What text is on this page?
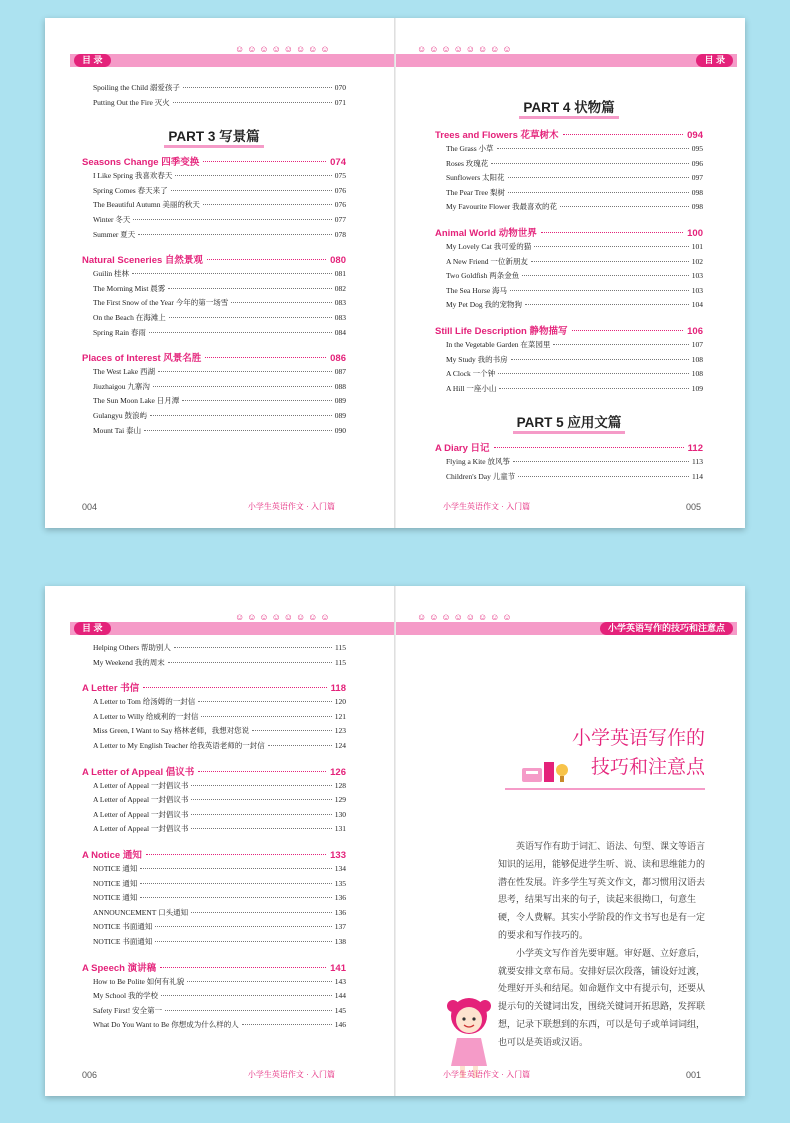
目 录
☺☺☺☺☺☺☺☺
Spoiling the Child 溺爱孩子	070
Putting Out the Fire 灭火	071
PART 3 写景篇
Seasons Change 四季变换	074
I Like Spring 我喜欢春天	075
Spring Comes 春天来了	076
The Beautiful Autumn 美丽的秋天	076
Winter 冬天	077
Summer 夏天	078
Natural Sceneries 自然景观	080
Guilin 桂林	081
The Morning Mist 晨雾	082
The First Snow of the Year 今年的第一场雪	083
On the Beach 在海滩上	083
Spring Rain 春雨	084
Places of Interest 风景名胜	086
The West Lake 西湖	087
Jiuzhaigou 九寨沟	088
The Sun Moon Lake 日月潭	089
Gulangyu 鼓浪屿	089
Mount Tai 泰山	090
004	小学生英语作文 · 入门篇
☺☺☺☺☺☺☺☺
目 录
PART 4 状物篇
Trees and Flowers 花草树木	094
The Grass 小草	095
Roses 玫瑰花	096
Sunflowers 太阳花	097
The Pear Tree 梨树	098
My Favourite Flower 我最喜欢的花	098
Animal World 动物世界	100
My Lovely Cat 我可爱的猫	101
A New Friend 一位新朋友	102
Two Goldfish 两条金鱼	103
The Sea Horse 海马	103
My Pet Dog 我的宠物狗	104
Still Life Description 静物描写	106
In the Vegetable Garden 在菜园里	107
My Study 我的书房	108
A Clock 一个钟	108
A Hill 一座小山	109
PART 5 应用文篇
A Diary 日记	112
Flying a Kite 放风筝	113
Children's Day 儿童节	114
小学生英语作文 · 入门篇	005
目 录
☺☺☺☺☺☺☺☺
Helping Others 帮助别人	115
My Weekend 我的周末	115
A Letter 书信	118
A Letter to Tom 给汤姆的一封信	120
A Letter to Willy 给威利的一封信	121
Miss Green, I Want to Say 格林老师，我想对您说	123
A Letter to My English Teacher 给我英语老师的一封信	124
A Letter of Appeal 倡议书	126
A Letter of Appeal 一封倡议书	128
A Letter of Appeal 一封倡议书	129
A Letter of Appeal 一封倡议书	130
A Letter of Appeal 一封倡议书	131
A Notice 通知	133
NOTICE 通知	134
NOTICE 通知	135
NOTICE 通知	136
ANNOUNCEMENT 口头通知	136
NOTICE 书面通知	137
NOTICE 书面通知	138
A Speech 演讲稿	141
How to Be Polite 如何有礼貌	143
My School 我的学校	144
Safety First! 安全第一	145
What Do You Want to Be 你想成为什么样的人	146
006	小学生英语作文 · 入门篇
☺☺☺☺☺☺☺☺
小学英语写作的技巧和注意点
小学英语写作的
技巧和注意点

英语写作有助于词汇、语法、句型、课文等语言知识的运用，能够促进学生听、说、读和思维能力的潜在性发展。许多学生写英文作文，都习惯用汉语去思考，结果写出来的句子，读起来很拗口，句意生硬，令人费解。其实小学阶段的作文书写也是有一定的要求和写作技巧的。

小学英文写作首先要审题。审好题、立好意后，就要安排文章布局。安排好层次段落，铺设好过渡，处理好开头和结尾。如命题作文中有提示句，还要从提示句的关键词出发，围绕关键词开拓思路，发挥联想，记录下联想到的东西，可以是句子或单词词组，也可以是英语或汉语。

小学生英语作文 · 入门篇	001
